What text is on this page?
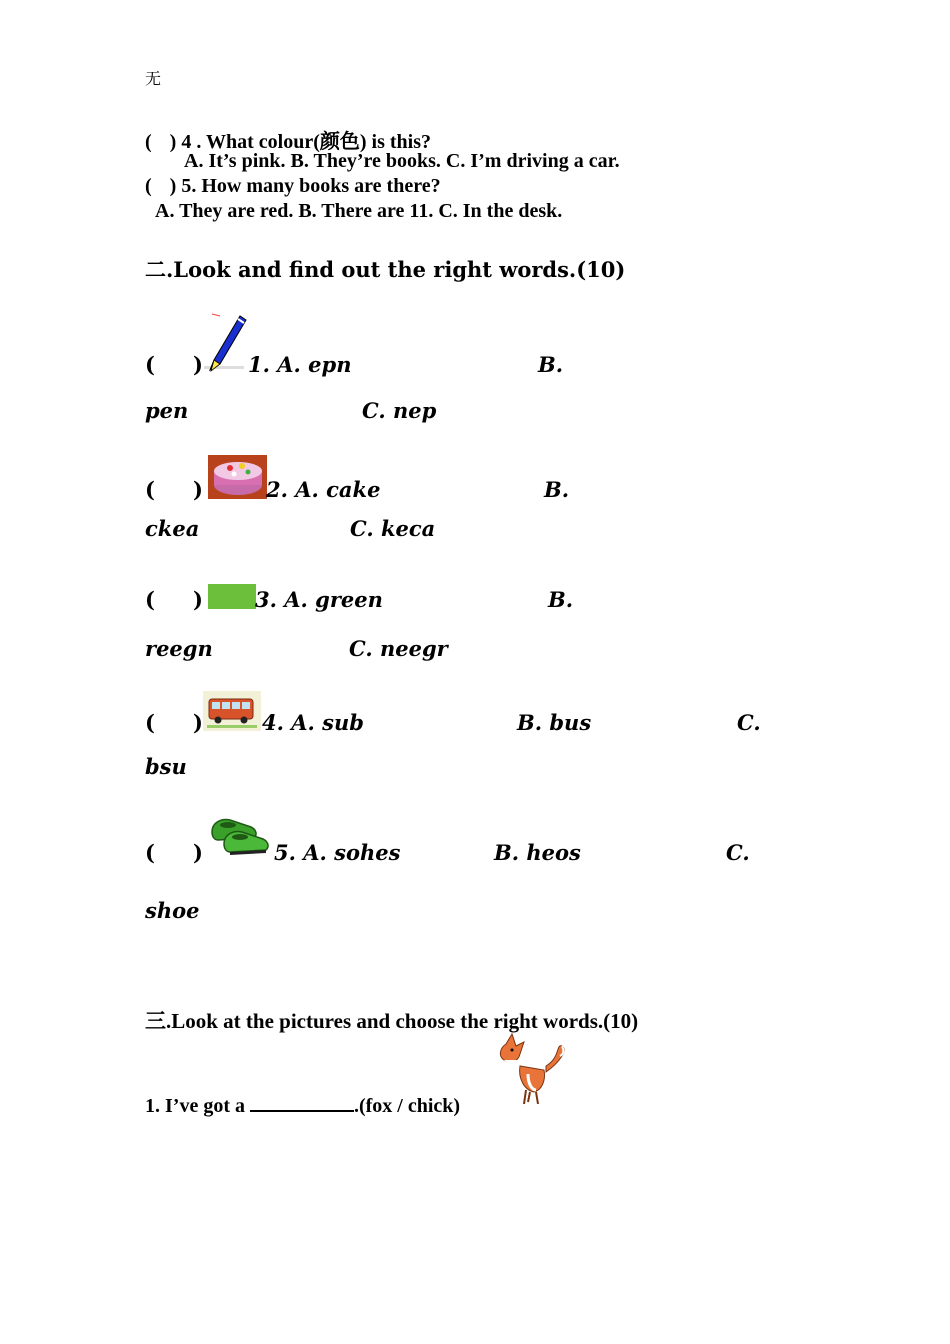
无
( ) 4 . What colour(颜色) is this?
A. It’s pink. B. They’re books. C. I’m driving a car.
( ) 5. How many books are there?
A. They are red. B. There are 11. C. In the desk.
二.Look and find out the right words.(10)
( ) 1. A. epn	B.
pen	C. nep
( )	2. A. cake	B.
ckea	C. keca
( ) 3. A. green	B.
reegn	C. neegr
( )	4. A. sub	B. bus	C.
bsu
( )	5. A. sohes	B. heos	C.
shoe
三.Look at the pictures and choose the right words.(10)
1. I’ve got a	.(fox / chick)
